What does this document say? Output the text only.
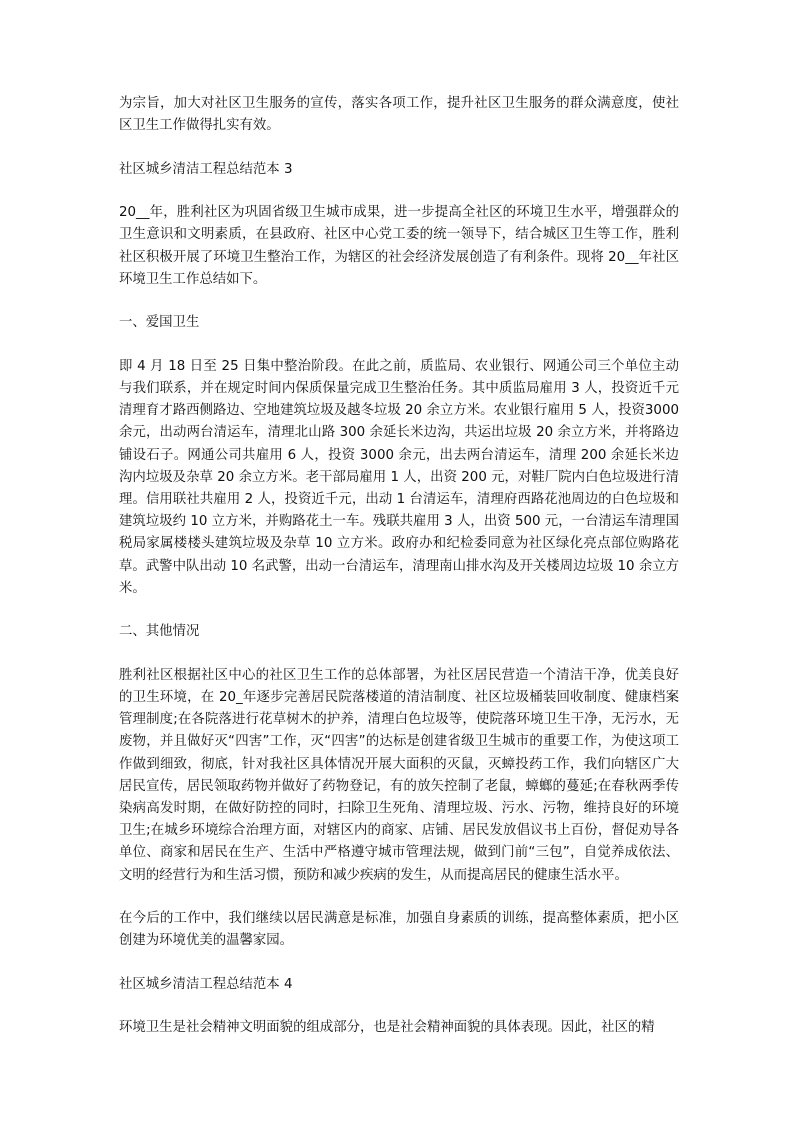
为宗旨，加大对社区卫生服务的宣传，落实各项工作，提升社区卫生服务的群众满意度，使社区卫生工作做得扎实有效。

社区城乡清洁工程总结范本 3

20__年，胜利社区为巩固省级卫生城市成果，进一步提高全社区的环境卫生水平，增强群众的卫生意识和文明素质，在县政府、社区中心党工委的统一领导下，结合城区卫生等工作，胜利社区积极开展了环境卫生整治工作，为辖区的社会经济发展创造了有利条件。现将 20__年社区环境卫生工作总结如下。

一、爱国卫生

即 4 月 18 日至 25 日集中整治阶段。在此之前，质监局、农业银行、网通公司三个单位主动与我们联系，并在规定时间内保质保量完成卫生整治任务。其中质监局雇用 3 人，投资近千元清理育才路西侧路边、空地建筑垃圾及越冬垃圾 20 余立方米。农业银行雇用 5 人，投资3000 余元，出动两台清运车，清理北山路 300 余延长米边沟，共运出垃圾 20 余立方米，并将路边铺设石子。网通公司共雇用 6 人，投资 3000 余元，出去两台清运车，清理 200 余延长米边沟内垃圾及杂草 20 余立方米。老干部局雇用 1 人，出资 200 元，对鞋厂院内白色垃圾进行清理。信用联社共雇用 2 人，投资近千元，出动 1 台清运车，清理府西路花池周边的白色垃圾和建筑垃圾约 10 立方米，并购路花土一车。残联共雇用 3 人，出资 500 元，一台清运车清理国税局家属楼楼头建筑垃圾及杂草 10 立方米。政府办和纪检委同意为社区绿化亮点部位购路花草。武警中队出动 10 名武警，出动一台清运车，清理南山排水沟及开关楼周边垃圾 10 余立方米。

二、其他情况

胜利社区根据社区中心的社区卫生工作的总体部署，为社区居民营造一个清洁干净，优美良好的卫生环境，在 20_年逐步完善居民院落楼道的清洁制度、社区垃圾桶装回收制度、健康档案管理制度;在各院落进行花草树木的护养，清理白色垃圾等，使院落环境卫生干净，无污水，无废物，并且做好灭“四害”工作，灭“四害”的达标是创建省级卫生城市的重要工作，为使这项工作做到细致，彻底，针对我社区具体情况开展大面积的灭鼠，灭蟑投药工作，我们向辖区广大居民宣传，居民领取药物并做好了药物登记，有的放矢控制了老鼠，蟑螂的蔓延;在春秋两季传染病高发时期，在做好防控的同时，扫除卫生死角、清理垃圾、污水、污物，维持良好的环境卫生;在城乡环境综合治理方面，对辖区内的商家、店铺、居民发放倡议书上百份，督促劝导各单位、商家和居民在生产、生活中严格遵守城市管理法规，做到门前“三包”，自觉养成依法、文明的经营行为和生活习惯，预防和减少疾病的发生，从而提高居民的健康生活水平。

在今后的工作中，我们继续以居民满意是标准，加强自身素质的训练，提高整体素质，把小区创建为环境优美的温馨家园。

社区城乡清洁工程总结范本 4

环境卫生是社会精神文明面貌的组成部分，也是社会精神面貌的具体表现。因此，社区的精
